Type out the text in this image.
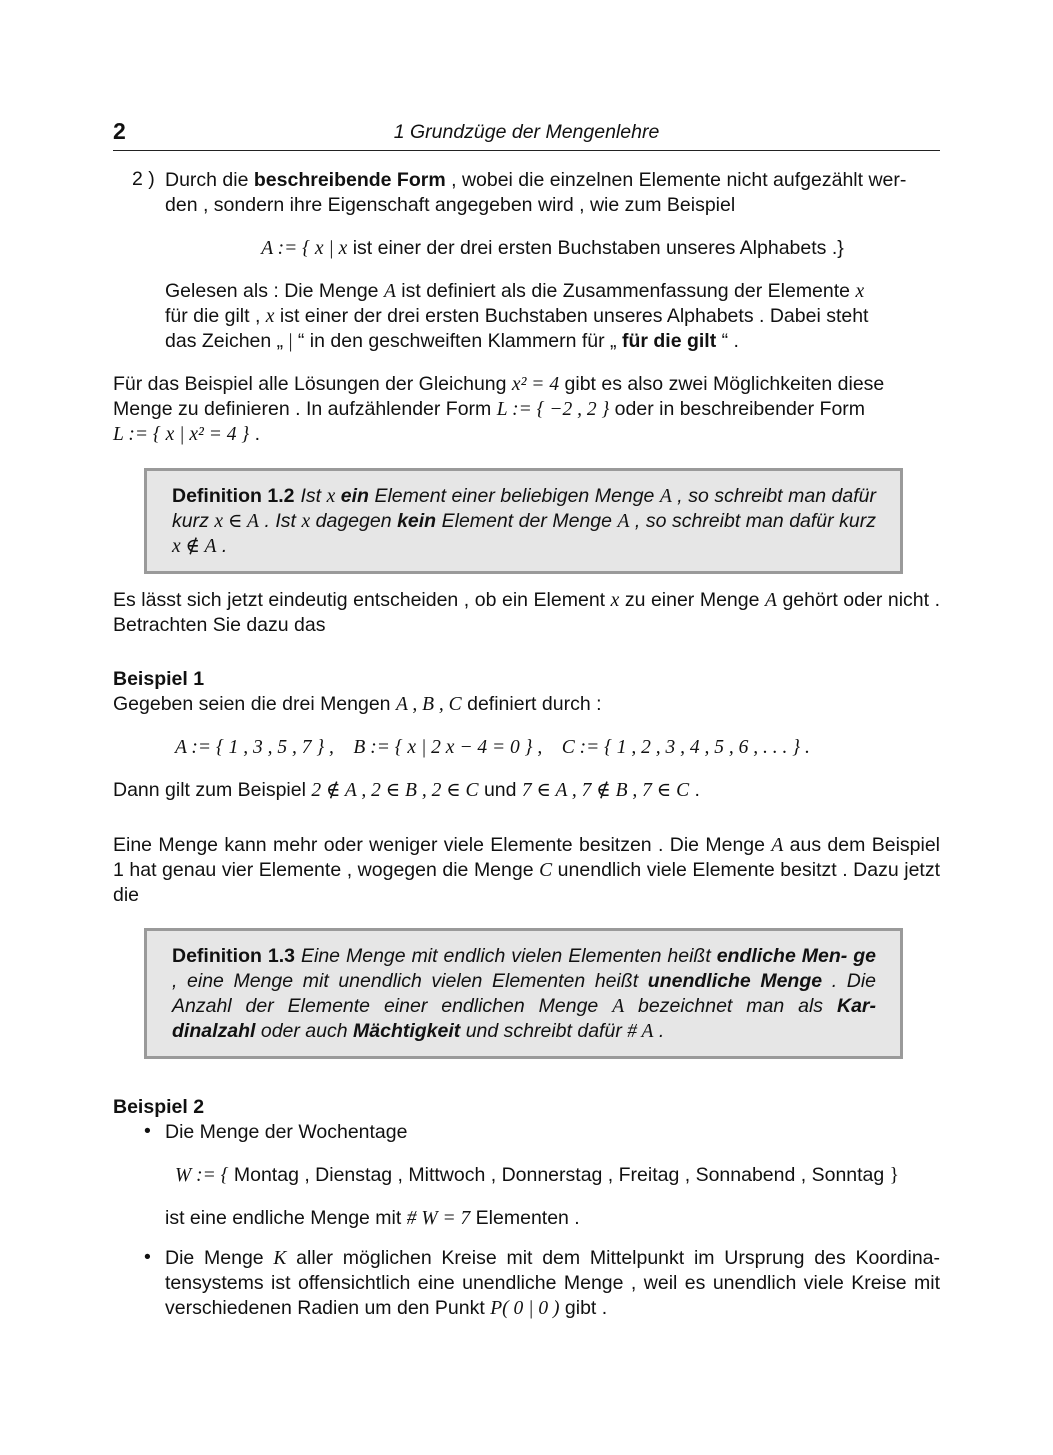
2	1 Grundzüge der Mengenlehre
2 ) Durch die beschreibende Form , wobei die einzelnen Elemente nicht aufgezählt wer-

den , sondern ihre Eigenschaft angegeben wird , wie zum Beispiel

A := { x | x ist einer der drei ersten Buchstaben unseres Alphabets .}

Gelesen als : Die Menge A ist definiert als die Zusammenfassung der Elemente x
für die gilt , x ist einer der drei ersten Buchstaben unseres Alphabets . Dabei steht
das Zeichen „ | “ in den geschweiften Klammern für „ für die gilt “ .

Für das Beispiel alle Lösungen der Gleichung x² = 4 gibt es also zwei Möglichkeiten diese
Menge zu definieren . In aufzählender Form L := { −2 , 2 } oder in beschreibender Form
L := { x | x² = 4 } .

Definition 1.2 Ist x ein Element einer beliebigen Menge A , so schreibt man dafür kurz x ∈ A . Ist x dagegen kein Element der Menge A , so schreibt man dafür kurz x ∉ A .

Es lässt sich jetzt eindeutig entscheiden , ob ein Element x zu einer Menge A gehört oder nicht . Betrachten Sie dazu das

Beispiel 1

Gegeben seien die drei Mengen A , B , C definiert durch :

A := { 1 , 3 , 5 , 7 } ,    B := { x | 2 x − 4 = 0 } ,    C := { 1 , 2 , 3 , 4 , 5 , 6 , . . . } .

Dann gilt zum Beispiel 2 ∉ A , 2 ∈ B , 2 ∈ C und 7 ∈ A , 7 ∉ B , 7 ∈ C .

Eine Menge kann mehr oder weniger viele Elemente besitzen . Die Menge A aus dem Beispiel 1 hat genau vier Elemente , wogegen die Menge C unendlich viele Elemente besitzt . Dazu jetzt die

Definition 1.3 Eine Menge mit endlich vielen Elementen heißt endliche Men- ge , eine Menge mit unendlich vielen Elementen heißt unendliche Menge . Die Anzahl der Elemente einer endlichen Menge A bezeichnet man als Kar- dinalzahl oder auch Mächtigkeit und schreibt dafür # A .

Beispiel 2

• Die Menge der Wochentage

W := { Montag , Dienstag , Mittwoch , Donnerstag , Freitag , Sonnabend , Sonntag }

ist eine endliche Menge mit # W = 7 Elementen .

• Die Menge K aller möglichen Kreise mit dem Mittelpunkt im Ursprung des Koordina- tensystems ist offensichtlich eine unendliche Menge , weil es unendlich viele Kreise mit verschiedenen Radien um den Punkt P( 0 | 0 ) gibt .
